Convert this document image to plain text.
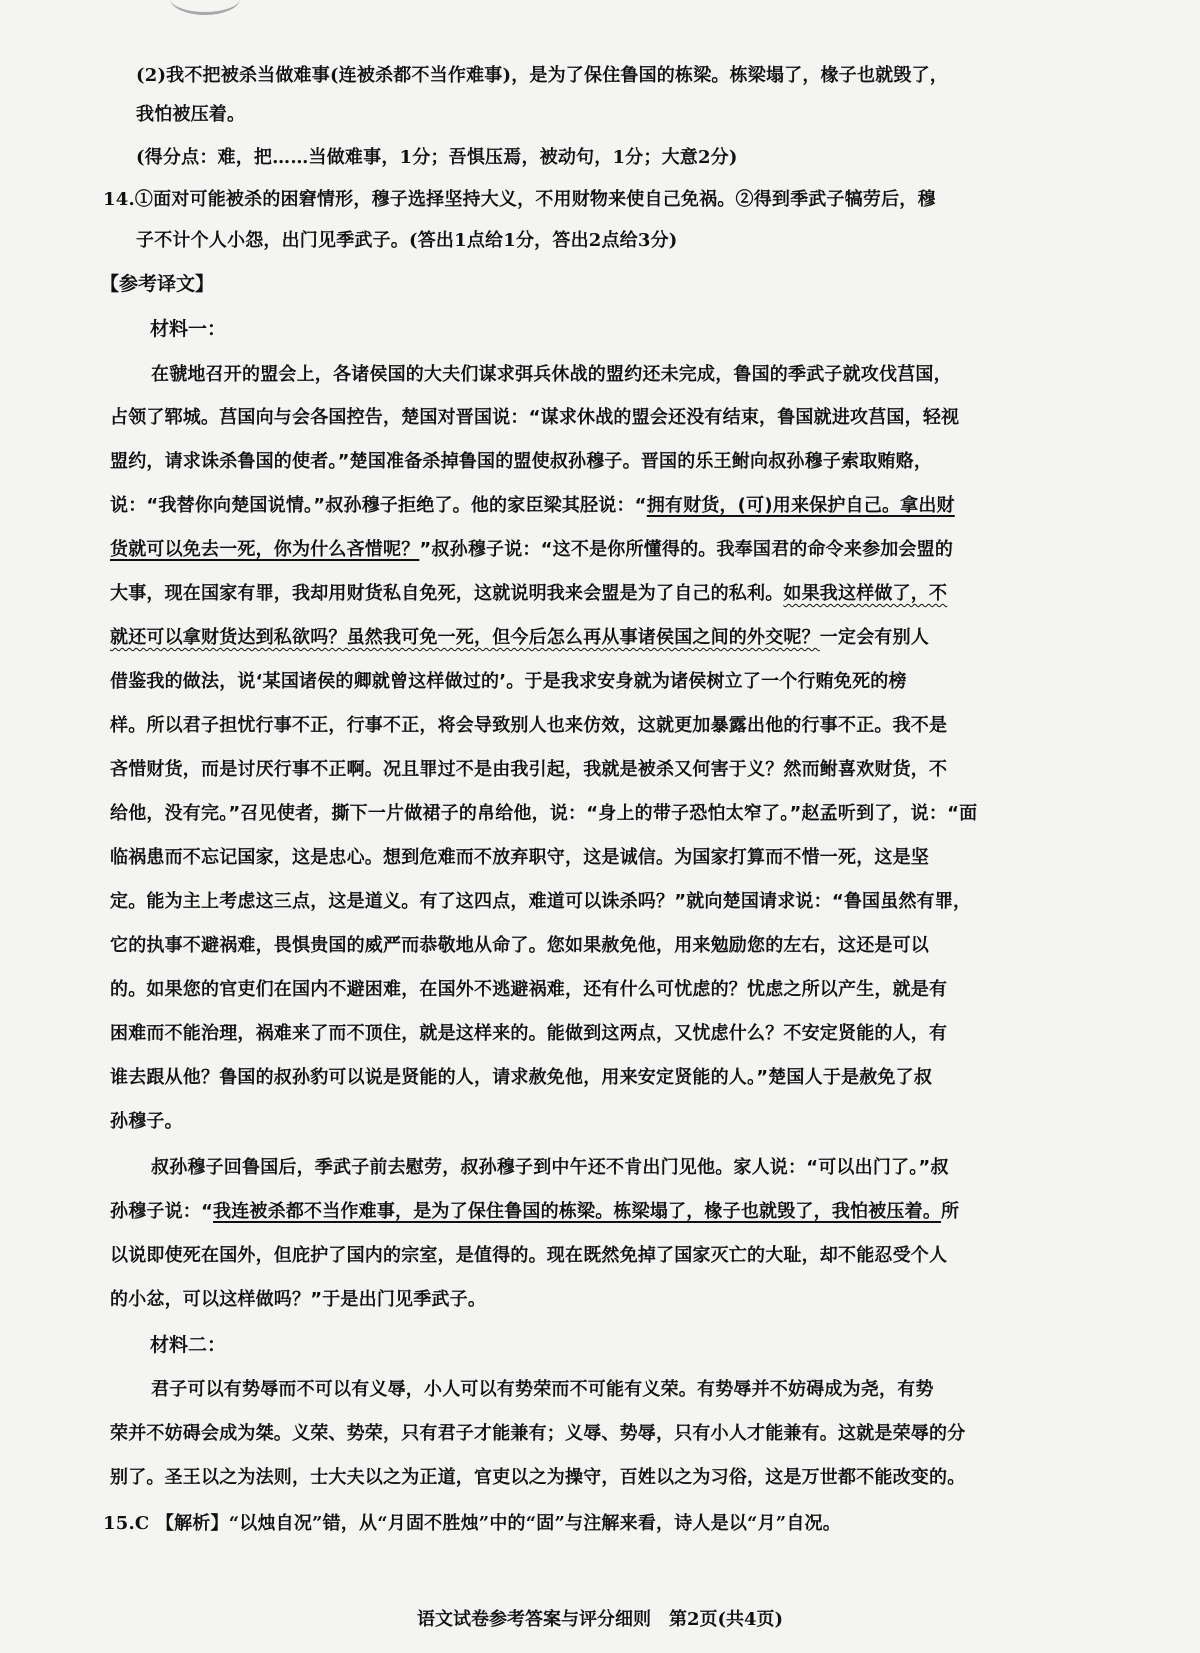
(2)我不把被杀当做难事(连被杀都不当作难事)，是为了保住鲁国的栋梁。栋梁塌了，椽子也就毁了，
我怕被压着。
(得分点：难，把……当做难事，1分；吾惧压焉，被动句，1分；大意2分)
14.①面对可能被杀的困窘情形，穆子选择坚持大义，不用财物来使自己免祸。②得到季武子犒劳后，穆
子不计个人小怨，出门见季武子。(答出1点给1分，答出2点给3分)
【参考译文】
材料一：
在虢地召开的盟会上，各诸侯国的大夫们谋求弭兵休战的盟约还未完成，鲁国的季武子就攻伐莒国，
占领了郓城。莒国向与会各国控告，楚国对晋国说：“谋求休战的盟会还没有结束，鲁国就进攻莒国，轻视
盟约，请求诛杀鲁国的使者。”楚国准备杀掉鲁国的盟使叔孙穆子。晋国的乐王鲋向叔孙穆子索取贿赂，
说：“我替你向楚国说情。”叔孙穆子拒绝了。他的家臣梁其胫说：“拥有财货，(可)用来保护自己。拿出财
货就可以免去一死，你为什么吝惜呢？”叔孙穆子说：“这不是你所懂得的。我奉国君的命令来参加会盟的
大事，现在国家有罪，我却用财货私自免死，这就说明我来会盟是为了自己的私利。如果我这样做了，不
就还可以拿财货达到私欲吗？虽然我可免一死，但今后怎么再从事诸侯国之间的外交呢？一定会有别人
借鉴我的做法，说‘某国诸侯的卿就曾这样做过的’。于是我求安身就为诸侯树立了一个行贿免死的榜
样。所以君子担忧行事不正，行事不正，将会导致别人也来仿效，这就更加暴露出他的行事不正。我不是
吝惜财货，而是讨厌行事不正啊。况且罪过不是由我引起，我就是被杀又何害于义？然而鲋喜欢财货，不
给他，没有完。”召见使者，撕下一片做裙子的帛给他，说：“身上的带子恐怕太窄了。”赵孟听到了，说：“面
临祸患而不忘记国家，这是忠心。想到危难而不放弃职守，这是诚信。为国家打算而不惜一死，这是坚
定。能为主上考虑这三点，这是道义。有了这四点，难道可以诛杀吗？”就向楚国请求说：“鲁国虽然有罪，
它的执事不避祸难，畏惧贵国的威严而恭敬地从命了。您如果赦免他，用来勉励您的左右，这还是可以
的。如果您的官吏们在国内不避困难，在国外不逃避祸难，还有什么可忧虑的？忧虑之所以产生，就是有
困难而不能治理，祸难来了而不顶住，就是这样来的。能做到这两点，又忧虑什么？不安定贤能的人，有
谁去跟从他？鲁国的叔孙豹可以说是贤能的人，请求赦免他，用来安定贤能的人。”楚国人于是赦免了叔
孙穆子。
叔孙穆子回鲁国后，季武子前去慰劳，叔孙穆子到中午还不肯出门见他。家人说：“可以出门了。”叔
孙穆子说：“我连被杀都不当作难事，是为了保住鲁国的栋梁。栋梁塌了，椽子也就毁了，我怕被压着。所
以说即使死在国外，但庇护了国内的宗室，是值得的。现在既然免掉了国家灭亡的大耻，却不能忍受个人
的小忿，可以这样做吗？”于是出门见季武子。
材料二：
君子可以有势辱而不可以有义辱，小人可以有势荣而不可能有义荣。有势辱并不妨碍成为尧，有势
荣并不妨碍会成为桀。义荣、势荣，只有君子才能兼有；义辱、势辱，只有小人才能兼有。这就是荣辱的分
别了。圣王以之为法则，士大夫以之为正道，官吏以之为操守，百姓以之为习俗，这是万世都不能改变的。
15.C 【解析】“以烛自况”错，从“月固不胜烛”中的“固”与注解来看，诗人是以“月”自况。
语文试卷参考答案与评分细则　第2页(共4页)
